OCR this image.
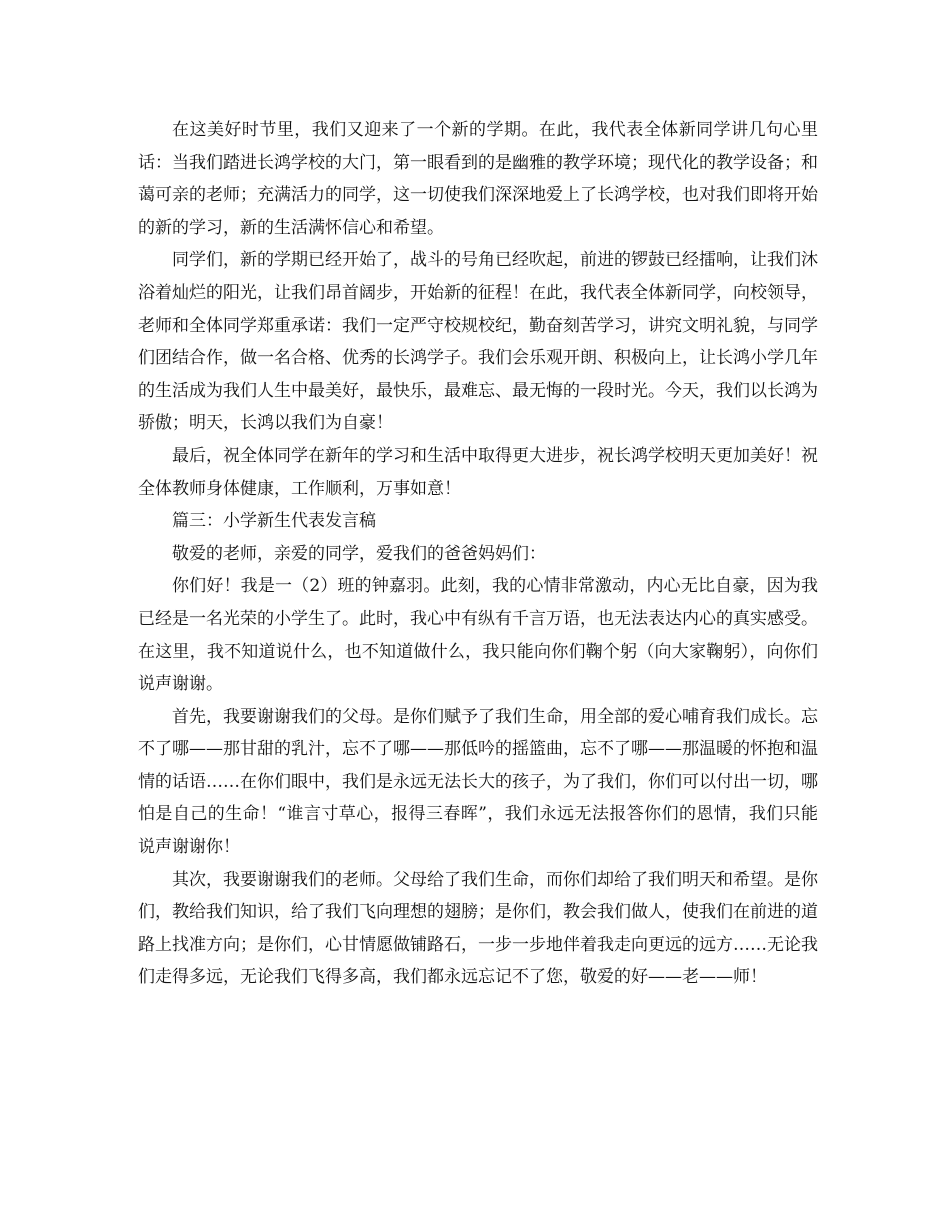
在这美好时节里，我们又迎来了一个新的学期。在此，我代表全体新同学讲几句心里话：当我们踏进长鸿学校的大门，第一眼看到的是幽雅的教学环境；现代化的教学设备；和蔼可亲的老师；充满活力的同学，这一切使我们深深地爱上了长鸿学校，也对我们即将开始的新的学习，新的生活满怀信心和希望。

同学们，新的学期已经开始了，战斗的号角已经吹起，前进的锣鼓已经擂响，让我们沐浴着灿烂的阳光，让我们昂首阔步，开始新的征程！在此，我代表全体新同学，向校领导，老师和全体同学郑重承诺：我们一定严守校规校纪，勤奋刻苦学习，讲究文明礼貌，与同学们团结合作，做一名合格、优秀的长鸿学子。我们会乐观开朗、积极向上，让长鸿小学几年的生活成为我们人生中最美好，最快乐，最难忘、最无悔的一段时光。今天，我们以长鸿为骄傲；明天，长鸿以我们为自豪！

最后，祝全体同学在新年的学习和生活中取得更大进步，祝长鸿学校明天更加美好！祝全体教师身体健康，工作顺利，万事如意！

篇三：小学新生代表发言稿

敬爱的老师，亲爱的同学，爱我们的爸爸妈妈们：

你们好！我是一（2）班的钟嘉羽。此刻，我的心情非常激动，内心无比自豪，因为我已经是一名光荣的小学生了。此时，我心中有纵有千言万语，也无法表达内心的真实感受。在这里，我不知道说什么，也不知道做什么，我只能向你们鞠个躬（向大家鞠躬），向你们说声谢谢。

首先，我要谢谢我们的父母。是你们赋予了我们生命，用全部的爱心哺育我们成长。忘不了哪——那甘甜的乳汁，忘不了哪——那低吟的摇篮曲，忘不了哪——那温暖的怀抱和温情的话语……在你们眼中，我们是永远无法长大的孩子，为了我们，你们可以付出一切，哪怕是自己的生命！“谁言寸草心，报得三春晖”，我们永远无法报答你们的恩情，我们只能说声谢谢你！

其次，我要谢谢我们的老师。父母给了我们生命，而你们却给了我们明天和希望。是你们，教给我们知识，给了我们飞向理想的翅膀；是你们，教会我们做人，使我们在前进的道路上找准方向；是你们，心甘情愿做铺路石，一步一步地伴着我走向更远的远方……无论我们走得多远，无论我们飞得多高，我们都永远忘记不了您，敬爱的好——老——师！
